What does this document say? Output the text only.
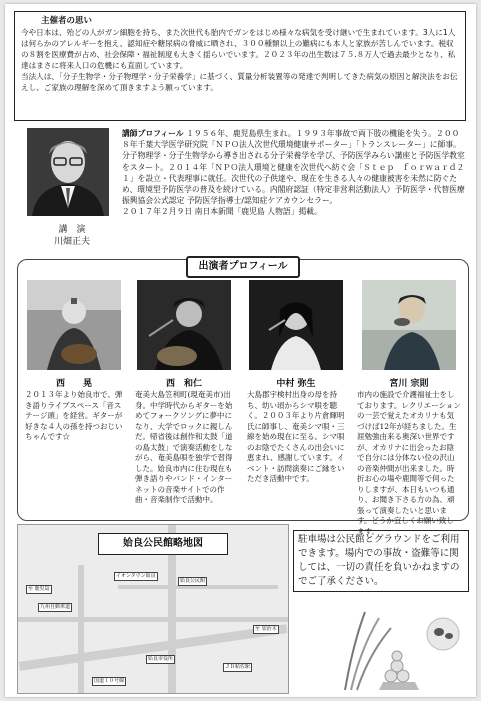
主催者の思い

今や日本は、殆どの人がガン細胞を持ち、また次世代も胎内でガンをはじめ様々な病気を受け継いで生まれています。3人に1人は何らかのアレルギーを抱え、認知症や糖尿病の脅威に晒され、３００種類以上の難病にも本人と家族が苦しんでいます。税収の８割を医療費が占め、社会保障・福祉制度も大きく揺らいでいます。２０２３年の出生数は７５.８万人で過去最少となり、私達はまさに将来人口の危機にも直面しています。

当法人は、「分子生物学・分子物理学・分子栄養学」に基づく、質量分析装置等の発達で判明してきた病気の原因と解決法をお伝えし、ご家族の理解を深めて頂きますよう願っています。

講　演
川畑正夫
講師プロフィール １９５６年、鹿児島県生まれ。１９９３年事故で両下肢の機能を失う。２００８年千葉大学医学研究院「ＮＰＯ法人次世代環境健康サポーター」「トランスレーター」に師事。分子物理学・分子生物学から導き出される分子栄養学を学び、予防医学みらい講座と予防医学教室をスタート。２０１４年「ＮＰＯ法人環境と健康を次世代へ紡ぐ会「Ｓｔｅｐ　ｆｏｒｗａｒｄ２１」を設立・代表理事に就任。次世代の子供達や、現在を生きる人々の健康被害を未然に防ぐため、環境型予防医学の普及を続けている。内閣府認証（特定非営利活動法人）予防医学・代替医療振興協会公式認定 予防医学指導士/認知症ケアカウンセラー。
２０１７年２月９日 南日本新聞「鹿児島 人物語」掲載。
出演者プロフィール
西　　晃
２０１３年より始良市で、弾き語りライブスペース「音ステージ頭」を経営。ギターが好きな４人の孫を持つおじいちゃんです☆
西　和仁
奄美大島笠利町(現奄美市)出身。中学時代からギターを始めてフォークソングに夢中になり、大学でロックに親しんだ。帰省後は創作和太鼓「道の島太鼓」で演奏活動をしながら、奄美島唄を独学で習得した。姶良市内に住む現在も弾き語りやバンド・インターネットの音楽サイトでの作曲・音楽制作で活動中。
中村 弥生
大島郡宇検村出身の母を持ち、幼い頃からシマ唄を聴く。２００３年より片倉輝明氏に師事し、奄美シマ唄・三線を始め現在に至る。シマ唄のお陰でたくさんの出会いに恵まれ、感謝しています。イベント・訪問演奏にご縁をいただき活動中です。
宮川 宗則
市内の施設で介護福祉士をしております。レクリエーションの一芸で覚えたオカリナも気づけば12年が経ちました。生涯勉強由来る奥深い世界ですが、オカリナに出会ったお陰で自分には分体ない位の沢山の音楽仲間が出来ました。時折お心の場や鹿間等で伺ったりしますが、本日もいつも通り、お聞き下さる方の為、頑張って演奏したいと思います。どうか宜しくお願い致します。
姶良公民館略地図
イオンタウン姶良
姶良市役所
姶良公民館
至 鹿児島
至 加治木
九州自動車道
国道１０号線
ＪＲ帖佐駅
駐車場は公民館とグラウンドをご利用できます。場内での事故・盗難等に関しては、一切の責任を負いかねますのでご了承ください。
